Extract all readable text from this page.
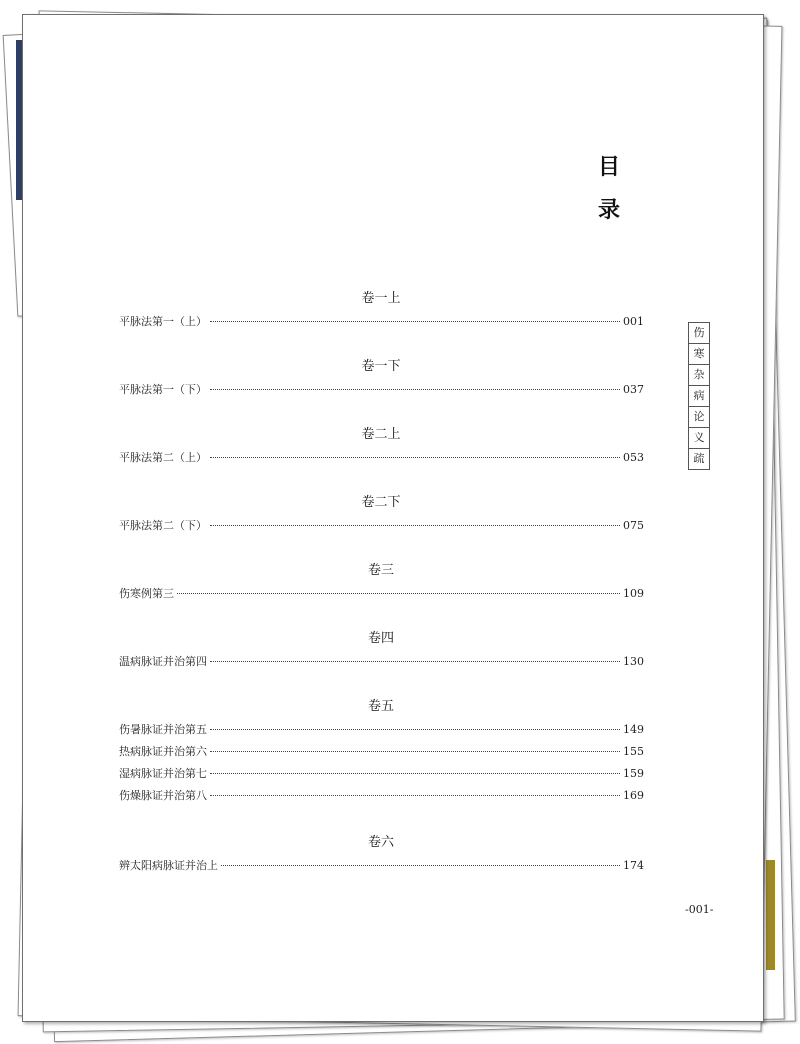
目
录
伤
寒
杂
病
论
义
疏
卷一上
平脉法第一（上）	001
卷一下
平脉法第一（下）	037
卷二上
平脉法第二（上）	053
卷二下
平脉法第二（下）	075
卷三
伤寒例第三	109
卷四
温病脉证并治第四	130
卷五
伤暑脉证并治第五	149
热病脉证并治第六	155
湿病脉证并治第七	159
伤燥脉证并治第八	169
卷六
辨太阳病脉证并治上	174
-001-
